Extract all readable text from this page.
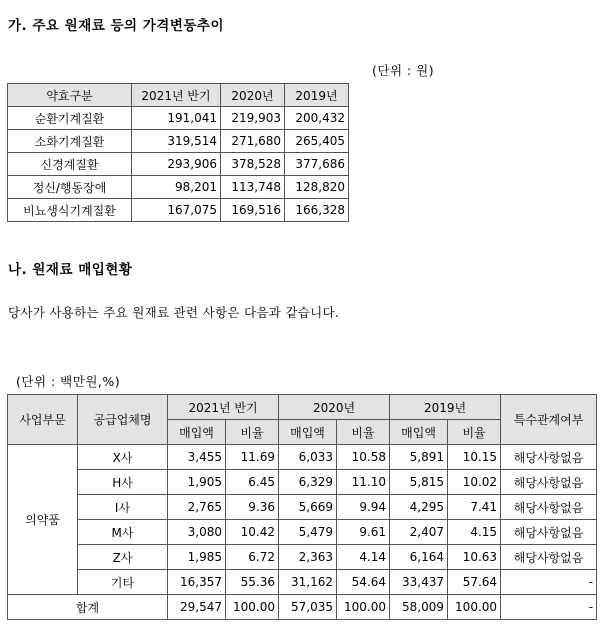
가. 주요 원재료 등의 가격변동추이
(단위 : 원)
약효구분	2021년 반기	2020년	2019년
순환기계질환	191,041	219,903	200,432
소화기계질환	319,514	271,680	265,405
신경계질환	293,906	378,528	377,686
정신/행동장애	98,201	113,748	128,820
비뇨생식기계질환	167,075	169,516	166,328
나. 원재료 매입현황
당사가 사용하는 주요 원재료 관련 사항은 다음과 같습니다.
(단위 : 백만원,%)
사업부문	공급업체명	2021년 반기		2020년		2019년		특수관계여부
		매입액	비율	매입액	비율	매입액	비율	
의약품	X사	3,455	11.69	6,033	10.58	5,891	10.15	해당사항없음
	H사	1,905	6.45	6,329	11.10	5,815	10.02	해당사항없음
	I사	2,765	9.36	5,669	9.94	4,295	7.41	해당사항없음
	M사	3,080	10.42	5,479	9.61	2,407	4.15	해당사항없음
	Z사	1,985	6.72	2,363	4.14	6,164	10.63	해당사항없음
	기타	16,357	55.36	31,162	54.64	33,437	57.64	-
합계		29,547	100.00	57,035	100.00	58,009	100.00	-
